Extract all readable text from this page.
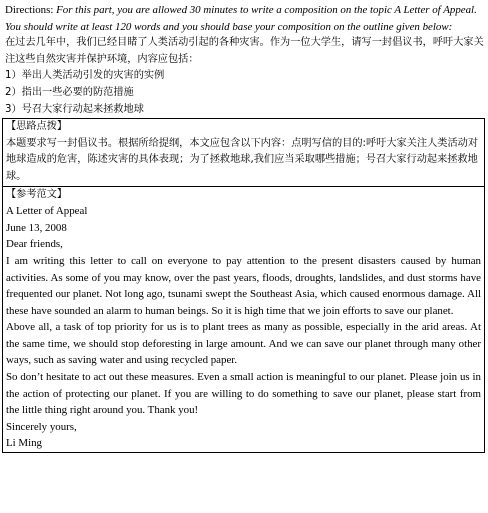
Directions: For this part, you are allowed 30 minutes to write a composition on the topic A Letter of Appeal. You should write at least 120 words and you should base your composition on the outline given below:

在过去几年中，我们已经目睹了人类活动引起的各种灾害。作为一位大学生，请写一封倡议书，呼吁大家关注这些自然灾害并保护环境，内容应包括：

1）举出人类活动引发的灾害的实例

2）指出一些必要的防范措施

3）号召大家行动起来拯救地球

【思路点拨】

本题要求写一封倡议书。根据所给提纲，本文应包含以下内容：点明写信的目的:呼吁大家关注人类活动对地球造成的危害，陈述灾害的具体表现；为了拯救地球,我们应当采取哪些措施；号召大家行动起来拯救地球。

【参考范文】

A Letter of Appeal

June 13, 2008

Dear friends,

I am writing this letter to call on everyone to pay attention to the present disasters caused by human activities. As some of you may know, over the past years, floods, droughts, landslides, and dust storms have frequented our planet. Not long ago, tsunami swept the Southeast Asia, which caused enormous damage. All these have sounded an alarm to human beings. So it is high time that we join efforts to save our planet.

Above all, a task of top priority for us is to plant trees as many as possible, especially in the arid areas. At the same time, we should stop deforesting in large amount. And we can save our planet through many other ways, such as saving water and using recycled paper.

So don’t hesitate to act out these measures. Even a small action is meaningful to our planet. Please join us in the action of protecting our planet. If you are willing to do something to save our planet, please start from the little thing right around you. Thank you!

Sincerely yours,

Li Ming
